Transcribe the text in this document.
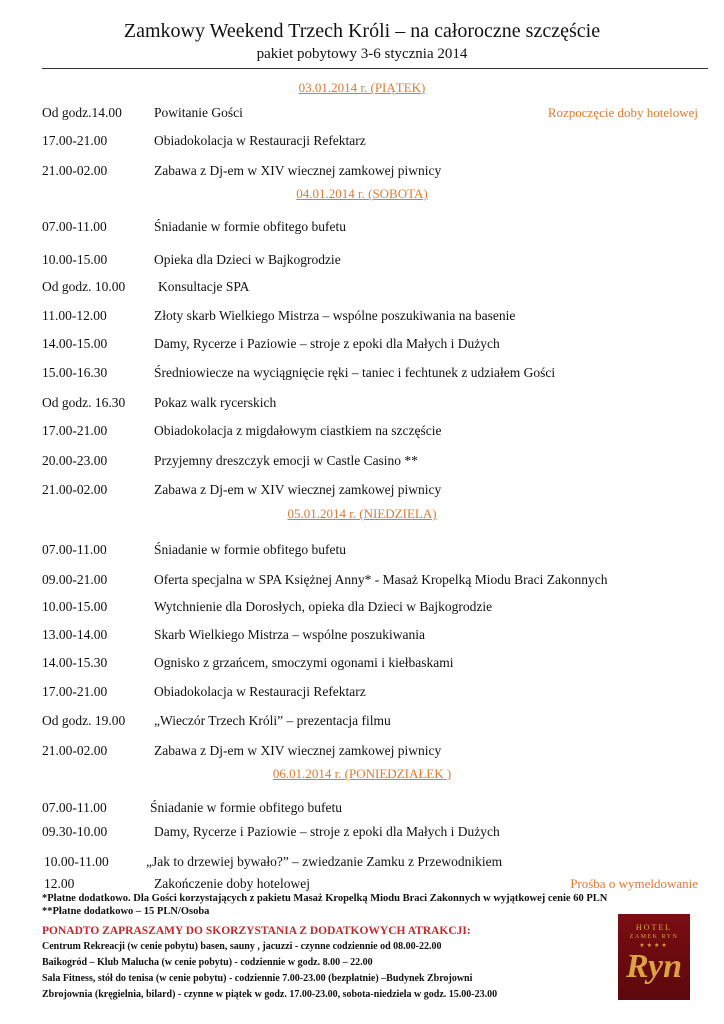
Zamkowy Weekend Trzech Króli – na całoroczne szczęście
pakiet pobytowy 3-6 stycznia 2014
03.01.2014 r. (PIĄTEK)
Od godz.14.00 Powitanie Gości	Rozpoczęcie doby hotelowej
17.00-21.00	Obiadokolacja w Restauracji Refektarz
21.00-02.00	Zabawa z Dj-em w XIV wiecznej zamkowej piwnicy
04.01.2014 r. (SOBOTA)
07.00-11.00	Śniadanie w formie obfitego bufetu
10.00-15.00	Opieka dla Dzieci w Bajkogrodzie
Od godz. 10.00 Konsultacje SPA
11.00-12.00	Złoty skarb Wielkiego Mistrza – wspólne poszukiwania na basenie
14.00-15.00	Damy, Rycerze i Paziowie – stroje z epoki dla Małych i Dużych
15.00-16.30	Średniowiecze na wyciągnięcie ręki – taniec i fechtunek z udziałem Gości
Od godz. 16.30 Pokaz walk rycerskich
17.00-21.00	Obiadokolacja z migdałowym ciastkiem na szczęście
20.00-23.00	Przyjemny dreszczyk emocji w Castle Casino **
21.00-02.00	Zabawa z Dj-em w XIV wiecznej zamkowej piwnicy
05.01.2014 r. (NIEDZIELA)
07.00-11.00	Śniadanie w formie obfitego bufetu
09.00-21.00	Oferta specjalna w SPA Księżnej Anny* - Masaż Kropelką Miodu Braci Zakonnych
10.00-15.00	Wytchnienie dla Dorosłych, opieka dla Dzieci w Bajkogrodzie
13.00-14.00	Skarb Wielkiego Mistrza – wspólne poszukiwania
14.00-15.30	Ognisko z grzańcem, smoczymi ogonami i kiełbaskami
17.00-21.00	Obiadokolacja w Restauracji Refektarz
Od godz. 19.00 „Wieczór Trzech Króli” – prezentacja filmu
21.00-02.00	Zabawa z Dj-em w XIV wiecznej zamkowej piwnicy
06.01.2014 r. (PONIEDZIAŁEK )
07.00-11.00	Śniadanie w formie obfitego bufetu
09.30-10.00	Damy, Rycerze i Paziowie – stroje z epoki dla Małych i Dużych
10.00-11.00	„Jak to drzewiej bywało?” – zwiedzanie Zamku z Przewodnikiem
12.00	Zakończenie doby hotelowej	Prośba o wymeldowanie
*Płatne dodatkowo. Dla Gości korzystających z pakietu Masaż Kropelką Miodu Braci Zakonnych w wyjątkowej cenie 60 PLN
**Płatne dodatkowo – 15 PLN/Osoba
PONADTO ZAPRASZAMY DO SKORZYSTANIA Z DODATKOWYCH ATRAKCJI:
Centrum Rekreacji (w cenie pobytu) basen, sauny , jacuzzi - czynne codziennie od 08.00-22.00
Baikogród – Klub Malucha (w cenie pobytu) - codziennie w godz. 8.00 – 22.00
Sala Fitness, stół do tenisa (w cenie pobytu) - codziennie 7.00-23.00 (bezpłatnie) –Budynek Zbrojowni
Zbrojownia (kręgielnia, bilard) - czynne w piątek w godz. 17.00-23.00, sobota-niedziela w godz. 15.00-23.00
HOTEL
ZAMEK RYN
★★★★
Ryn
